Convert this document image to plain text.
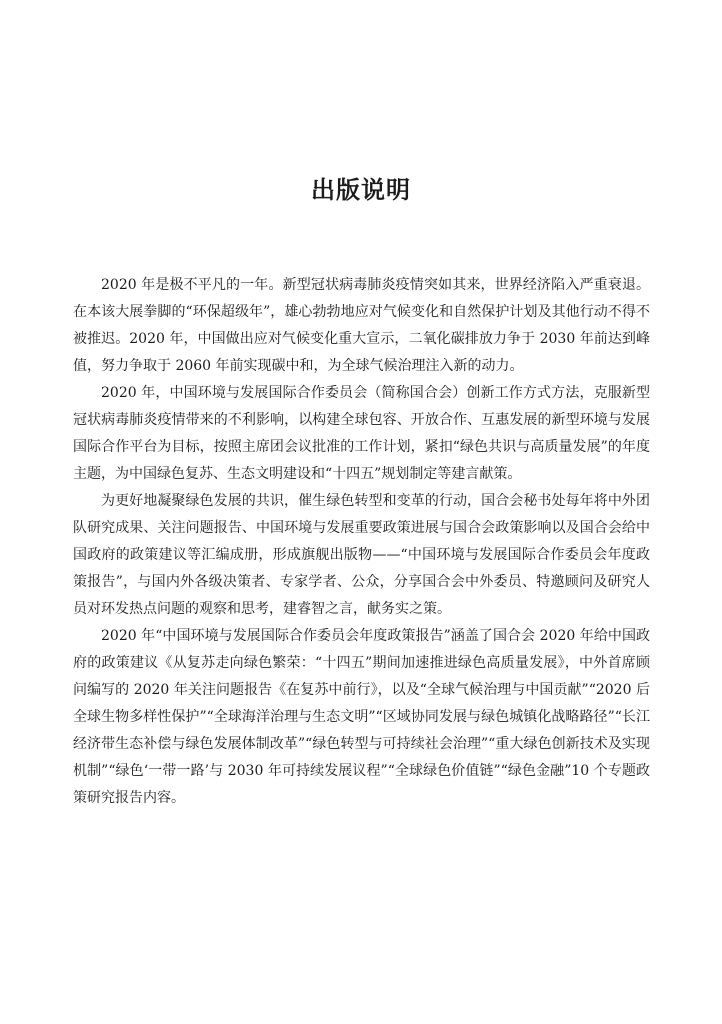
出版说明

2020 年是极不平凡的一年。新型冠状病毒肺炎疫情突如其来，世界经济陷入严重衰退。在本该大展拳脚的“环保超级年”，雄心勃勃地应对气候变化和自然保护计划及其他行动不得不被推迟。2020 年，中国做出应对气候变化重大宣示，二氧化碳排放力争于 2030 年前达到峰值，努力争取于 2060 年前实现碳中和，为全球气候治理注入新的动力。

2020 年，中国环境与发展国际合作委员会（简称国合会）创新工作方式方法，克服新型冠状病毒肺炎疫情带来的不利影响，以构建全球包容、开放合作、互惠发展的新型环境与发展国际合作平台为目标，按照主席团会议批准的工作计划，紧扣“绿色共识与高质量发展”的年度主题，为中国绿色复苏、生态文明建设和“十四五”规划制定等建言献策。

为更好地凝聚绿色发展的共识，催生绿色转型和变革的行动，国合会秘书处每年将中外团队研究成果、关注问题报告、中国环境与发展重要政策进展与国合会政策影响以及国合会给中国政府的政策建议等汇编成册，形成旗舰出版物——“中国环境与发展国际合作委员会年度政策报告”，与国内外各级决策者、专家学者、公众，分享国合会中外委员、特邀顾问及研究人员对环发热点问题的观察和思考，建睿智之言，献务实之策。

2020 年“中国环境与发展国际合作委员会年度政策报告”涵盖了国合会 2020 年给中国政府的政策建议《从复苏走向绿色繁荣：“十四五”期间加速推进绿色高质量发展》，中外首席顾问编写的 2020 年关注问题报告《在复苏中前行》，以及“全球气候治理与中国贡献”“2020 后全球生物多样性保护”“全球海洋治理与生态文明”“区域协同发展与绿色城镇化战略路径”“长江经济带生态补偿与绿色发展体制改革”“绿色转型与可持续社会治理”“重大绿色创新技术及实现机制”“绿色‘一带一路’与 2030 年可持续发展议程”“全球绿色价值链”“绿色金融”10 个专题政策研究报告内容。
